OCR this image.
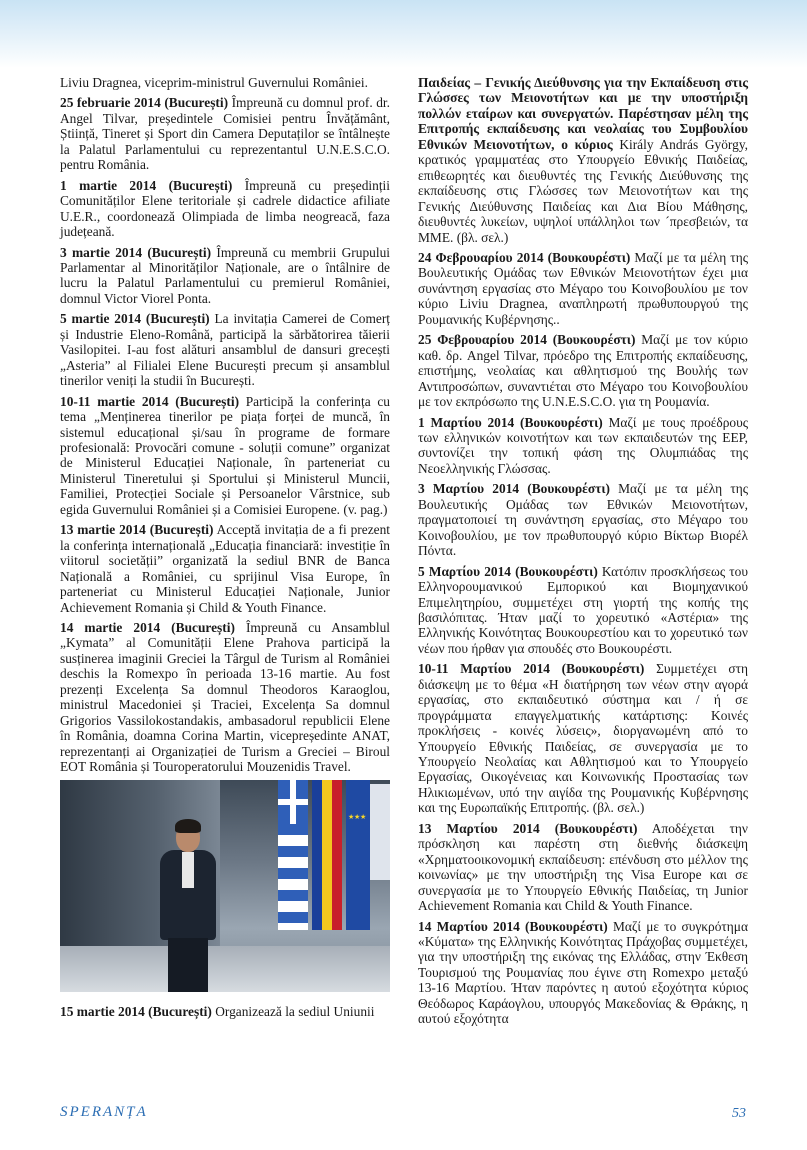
Liviu Dragnea, viceprim-ministrul Guvernului României.

25 februarie 2014 (București) Împreună cu domnul prof. dr. Angel Tilvar, președintele Comisiei pentru Învățământ, Știință, Tineret și Sport din Camera Deputaților se întâlnește la Palatul Parlamentului cu reprezentantul U.N.E.S.C.O. pentru România.

1 martie 2014 (București) Împreună cu președinții Comunităților Elene teritoriale și cadrele didactice afiliate U.E.R., coordonează Olimpiada de limba neogreacă, faza județeană.

3 martie 2014 (București) Împreună cu membrii Grupului Parlamentar al Minorităților Naționale, are o întâlnire de lucru la Palatul Parlamentului cu premierul României, domnul Victor Viorel Ponta.

5 martie 2014 (București) La invitația Camerei de Comerț și Industrie Eleno-Română, participă la sărbătorirea tăierii Vasilopitei. I-au fost alături ansamblul de dansuri grecești „Asteria” al Filialei Elene București precum și ansamblul tinerilor veniți la studii în București.

10-11 martie 2014 (București) Participă la conferința cu tema „Menținerea tinerilor pe piața forței de muncă, în sistemul educațional și/sau în programe de formare profesională: Provocări comune - soluții comune” organizat de Ministerul Educației Naționale, în parteneriat cu Ministerul Tineretului și Sportului și Ministerul Muncii, Familiei, Protecției Sociale și Persoanelor Vârstnice, sub egida Guvernului României și a Comisiei Europene. (v. pag.)

13 martie 2014 (București) Acceptă invitația de a fi prezent la conferința internațională „Educația financiară: investiție în viitorul societății” organizată la sediul BNR de Banca Națională a României, cu sprijinul Visa Europe, în parteneriat cu Ministerul Educației Naționale, Junior Achievement Romania și Child & Youth Finance.

14 martie 2014 (București) Împreună cu Ansamblul „Kymata” al Comunității Elene Prahova participă la susținerea imaginii Greciei la Târgul de Turism al României deschis la Romexpo în perioada 13-16 martie. Au fost prezenți Excelența Sa domnul Theodoros Karaoglou, ministrul Macedoniei și Traciei, Excelența Sa domnul Grigorios Vassilokostandakis, ambasadorul republicii Elene în România, doamna Corina Martin, vicepreședinte ANAT, reprezentanți ai Organizației de Turism a Greciei – Biroul EOT România și Touroperatorului Mouzenidis Travel.

★ ★ ★

15 martie 2014 (București) Organizează la sediul Uniunii

Παιδείας – Γενικής Διεύθυνσης για την Εκπαίδευση στις Γλώσσες των Μειονοτήτων και με την υποστήριξη πολλών εταίρων και συνεργατών. Παρέστησαν μέλη της Επιτροπής εκπαίδευσης και νεολαίας του Συμβουλίου Εθνικών Μειονοτήτων, ο κύριος Király András György, κρατικός γραμματέας στο Υπουργείο Εθνικής Παιδείας, επιθεωρητές και διευθυντές της Γενικής Διεύθυνσης της εκπαίδευσης στις Γλώσσες των Μειονοτήτων και της Γενικής Διεύθυνσης Παιδείας και Δια Βίου Μάθησης, διευθυντές λυκείων, υψηλοί υπάλληλοι των ´πρεσβειών, τα ΜΜΕ. (βλ. σελ.)

24 Φεβρουαρίου 2014 (Βουκουρέστι) Μαζί με τα μέλη της Βουλευτικής Ομάδας των Εθνικών Μειονοτήτων έχει μια συνάντηση εργασίας στο Μέγαρο του Κοινοβουλίου με τον κύριο Liviu Dragnea, αναπληρωτή πρωθυπουργού της Ρουμανικής Κυβέρνησης..

25 Φεβρουαρίου 2014 (Βουκουρέστι) Μαζί με τον κύριο καθ. δρ. Angel Tilvar, πρόεδρο της Επιτροπής εκπαίδευσης, επιστήμης, νεολαίας και αθλητισμού της Βουλής των Αντιπροσώπων, συναντιέται στο Μέγαρο του Κοινοβουλίου με τον εκπρόσωπο της U.N.E.S.C.O. για τη Ρουμανία.

1 Μαρτίου 2014 (Βουκουρέστι) Μαζί με τους προέδρους των ελληνικών κοινοτήτων και των εκπαιδευτών της ΕΕΡ, συντονίζει την τοπική φάση της Ολυμπιάδας της Νεοελληνικής Γλώσσας.

3 Μαρτίου 2014 (Βουκουρέστι) Μαζί με τα μέλη της Βουλευτικής Ομάδας των Εθνικών Μειονοτήτων, πραγματοποιεί τη συνάντηση εργασίας, στο Μέγαρο του Κοινοβουλίου, με τον πρωθυπουργό κύριο Βίκτωρ Βιορέλ Πόντα.

5 Μαρτίου 2014 (Βουκουρέστι) Κατόπιν προσκλήσεως του Ελληνορουμανικού Εμπορικού και Βιομηχανικού Επιμελητηρίου, συμμετέχει στη γιορτή της κοπής της βασιλόπιτας. Ήταν μαζί το χορευτικό «Αστέρια» της Ελληνικής Κοινότητας Βουκουρεστίου και το χορευτικό των νέων που ήρθαν για σπουδές στο Βουκουρέστι.

10-11 Μαρτίου 2014 (Βουκουρέστι) Συμμετέχει στη διάσκεψη με το θέμα «Η διατήρηση των νέων στην αγορά εργασίας, στο εκπαιδευτικό σύστημα και / ή σε προγράμματα επαγγελματικής κατάρτισης: Κοινές προκλήσεις - κοινές λύσεις», διοργανωμένη από το Υπουργείο Εθνικής Παιδείας, σε συνεργασία με το Υπουργείο Νεολαίας και Αθλητισμού και το Υπουργείο Εργασίας, Οικογένειας και Κοινωνικής Προστασίας των Ηλικιωμένων, υπό την αιγίδα της Ρουμανικής Κυβέρνησης και της Ευρωπαϊκής Επιτροπής. (βλ. σελ.)

13 Μαρτίου 2014 (Βουκουρέστι) Αποδέχεται την πρόσκληση και παρέστη στη διεθνής διάσκεψη «Χρηματοοικονομική εκπαίδευση: επένδυση στο μέλλον της κοινωνίας» με την υποστήριξη της Visa Europe και σε συνεργασία με το Υπουργείο Εθνικής Παιδείας, τη Junior Achievement Romania και Child & Youth Finance.

14 Μαρτίου 2014 (Βουκουρέστι) Μαζί με το συγκρότημα «Κύματα» της Ελληνικής Κοινότητας Πράχοβας συμμετέχει, για την υποστήριξη της εικόνας της Ελλάδας, στην Έκθεση Τουρισμού της Ρουμανίας που έγινε στη Romexpo μεταξύ 13-16 Μαρτίου. Ήταν παρόντες η αυτού εξοχότητα κύριος Θεόδωρος Καράογλου, υπουργός Μακεδονίας & Θράκης, η αυτού εξοχότητα

SPERANȚA	53
